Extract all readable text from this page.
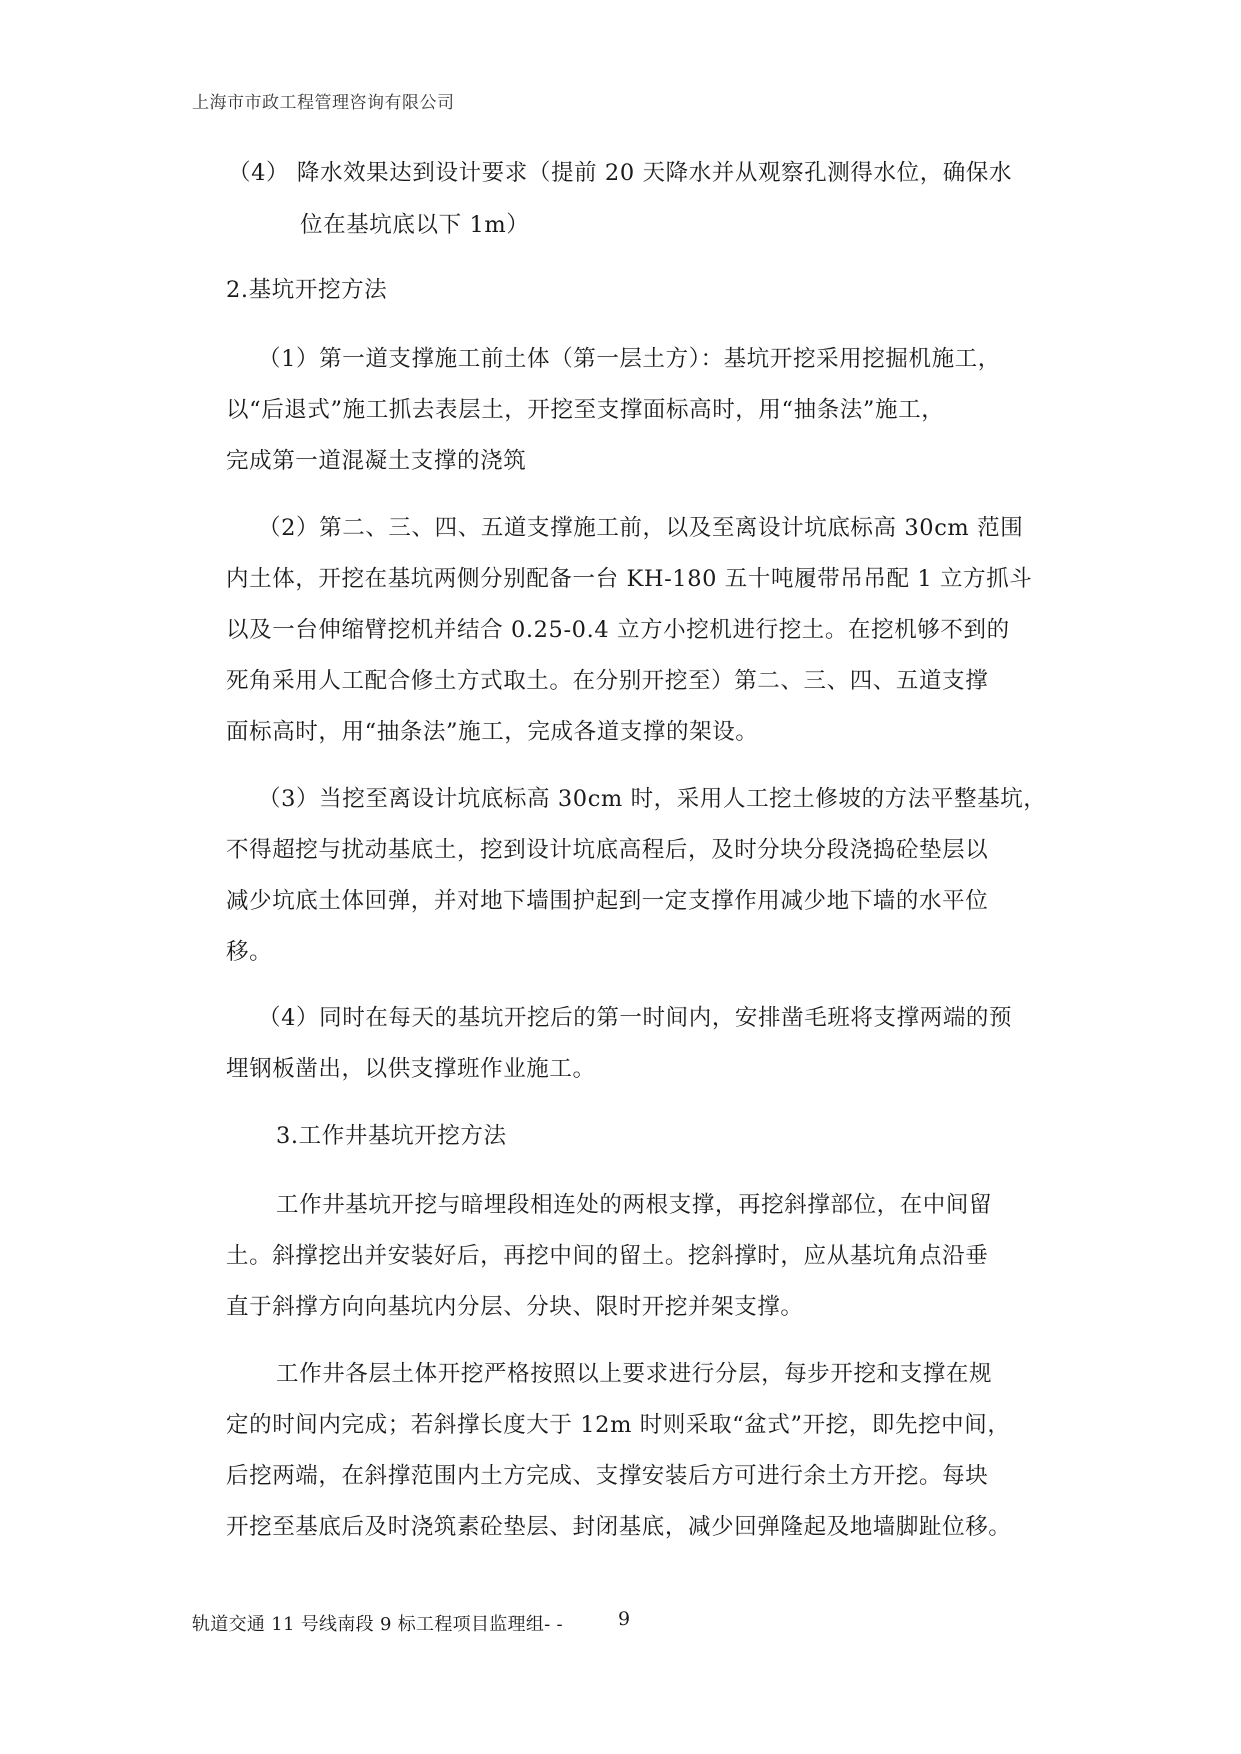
上海市市政工程管理咨询有限公司
（4） 降水效果达到设计要求（提前 20 天降水并从观察孔测得水位，确保水
位在基坑底以下 1m）
2.基坑开挖方法
（1）第一道支撑施工前土体（第一层土方）：基坑开挖采用挖掘机施工，
以“后退式”施工抓去表层土，开挖至支撑面标高时，用“抽条法”施工，
完成第一道混凝土支撑的浇筑
（2）第二、三、四、五道支撑施工前，以及至离设计坑底标高 30cm 范围
内土体，开挖在基坑两侧分别配备一台 KH-180 五十吨履带吊吊配 1 立方抓斗
以及一台伸缩臂挖机并结合 0.25-0.4 立方小挖机进行挖土。在挖机够不到的
死角采用人工配合修土方式取土。在分别开挖至）第二、三、四、五道支撑
面标高时，用“抽条法”施工，完成各道支撑的架设。
（3）当挖至离设计坑底标高 30cm 时，采用人工挖土修坡的方法平整基坑，
不得超挖与扰动基底土，挖到设计坑底高程后，及时分块分段浇捣砼垫层以
减少坑底土体回弹，并对地下墙围护起到一定支撑作用减少地下墙的水平位
移。
（4）同时在每天的基坑开挖后的第一时间内，安排凿毛班将支撑两端的预
埋钢板凿出，以供支撑班作业施工。
3.工作井基坑开挖方法
工作井基坑开挖与暗埋段相连处的两根支撑，再挖斜撑部位，在中间留
土。斜撑挖出并安装好后，再挖中间的留土。挖斜撑时，应从基坑角点沿垂
直于斜撑方向向基坑内分层、分块、限时开挖并架支撑。
工作井各层土体开挖严格按照以上要求进行分层，每步开挖和支撑在规
定的时间内完成；若斜撑长度大于 12m 时则采取“盆式”开挖，即先挖中间，
后挖两端，在斜撑范围内土方完成、支撑安装后方可进行余土方开挖。每块
开挖至基底后及时浇筑素砼垫层、封闭基底，减少回弹隆起及地墙脚趾位移。
轨道交通 11 号线南段 9 标工程项目监理组- -	9
